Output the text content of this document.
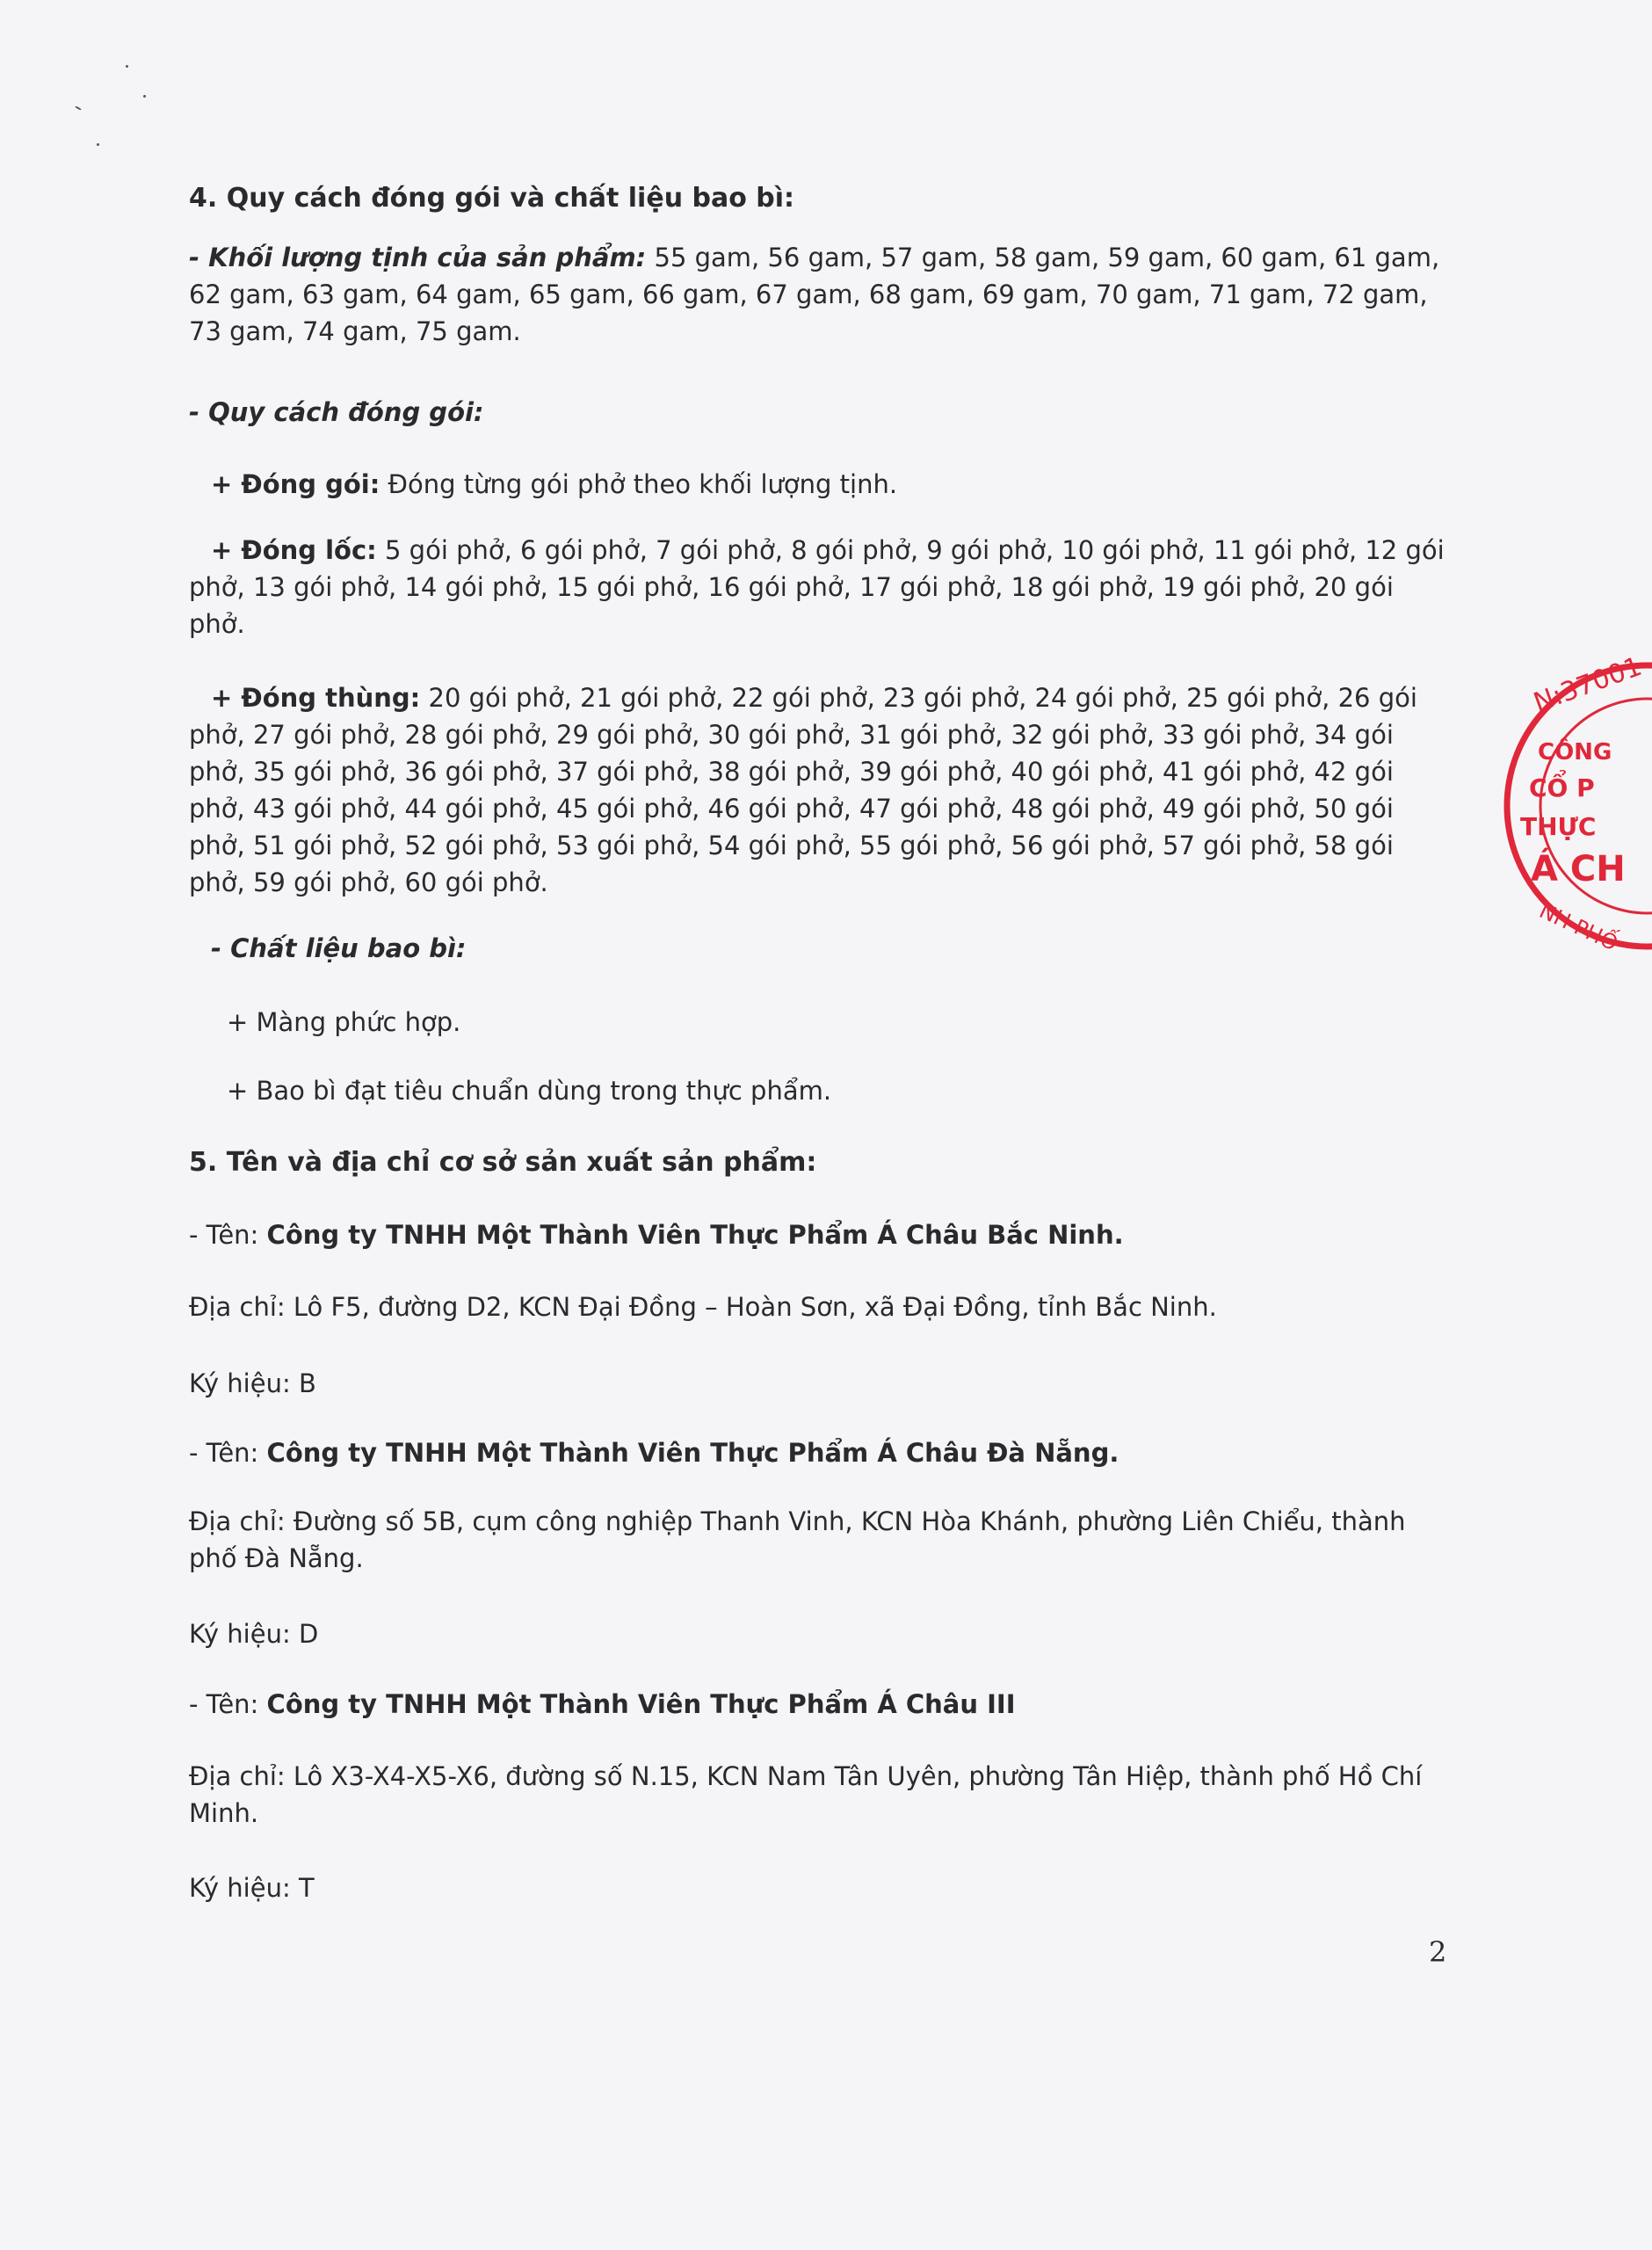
4. Quy cách đóng gói và chất liệu bao bì:

- Khối lượng tịnh của sản phẩm: 55 gam, 56 gam, 57 gam, 58 gam, 59 gam, 60 gam, 61 gam, 62 gam, 63 gam, 64 gam, 65 gam, 66 gam, 67 gam, 68 gam, 69 gam, 70 gam, 71 gam, 72 gam, 73 gam, 74 gam, 75 gam.

- Quy cách đóng gói:

+ Đóng gói: Đóng từng gói phở theo khối lượng tịnh.

+ Đóng lốc: 5 gói phở, 6 gói phở, 7 gói phở, 8 gói phở, 9 gói phở, 10 gói phở, 11 gói phở, 12 gói phở, 13 gói phở, 14 gói phở, 15 gói phở, 16 gói phở, 17 gói phở, 18 gói phở, 19 gói phở, 20 gói phở.

+ Đóng thùng: 20 gói phở, 21 gói phở, 22 gói phở, 23 gói phở, 24 gói phở, 25 gói phở, 26 gói phở, 27 gói phở, 28 gói phở, 29 gói phở, 30 gói phở, 31 gói phở, 32 gói phở, 33 gói phở, 34 gói phở, 35 gói phở, 36 gói phở, 37 gói phở, 38 gói phở, 39 gói phở, 40 gói phở, 41 gói phở, 42 gói phở, 43 gói phở, 44 gói phở, 45 gói phở, 46 gói phở, 47 gói phở, 48 gói phở, 49 gói phở, 50 gói phở, 51 gói phở, 52 gói phở, 53 gói phở, 54 gói phở, 55 gói phở, 56 gói phở, 57 gói phở, 58 gói phở, 59 gói phở, 60 gói phở.

- Chất liệu bao bì:

+ Màng phức hợp.

+ Bao bì đạt tiêu chuẩn dùng trong thực phẩm.

5. Tên và địa chỉ cơ sở sản xuất sản phẩm:

- Tên: Công ty TNHH Một Thành Viên Thực Phẩm Á Châu Bắc Ninh.

Địa chỉ: Lô F5, đường D2, KCN Đại Đồng – Hoàn Sơn, xã Đại Đồng, tỉnh Bắc Ninh.

Ký hiệu: B

- Tên: Công ty TNHH Một Thành Viên Thực Phẩm Á Châu Đà Nẵng.

Địa chỉ: Đường số 5B, cụm công nghiệp Thanh Vinh, KCN Hòa Khánh, phường Liên Chiểu, thành phố Đà Nẵng.

Ký hiệu: D

- Tên: Công ty TNHH Một Thành Viên Thực Phẩm Á Châu III

Địa chỉ: Lô X3-X4-X5-X6, đường số N.15, KCN Nam Tân Uyên, phường Tân Hiệp, thành phố Hồ Chí Minh.

Ký hiệu: T

2
N:37001
CÔNG
CỔ P
THỰC
Á CH
NH PHỐ
